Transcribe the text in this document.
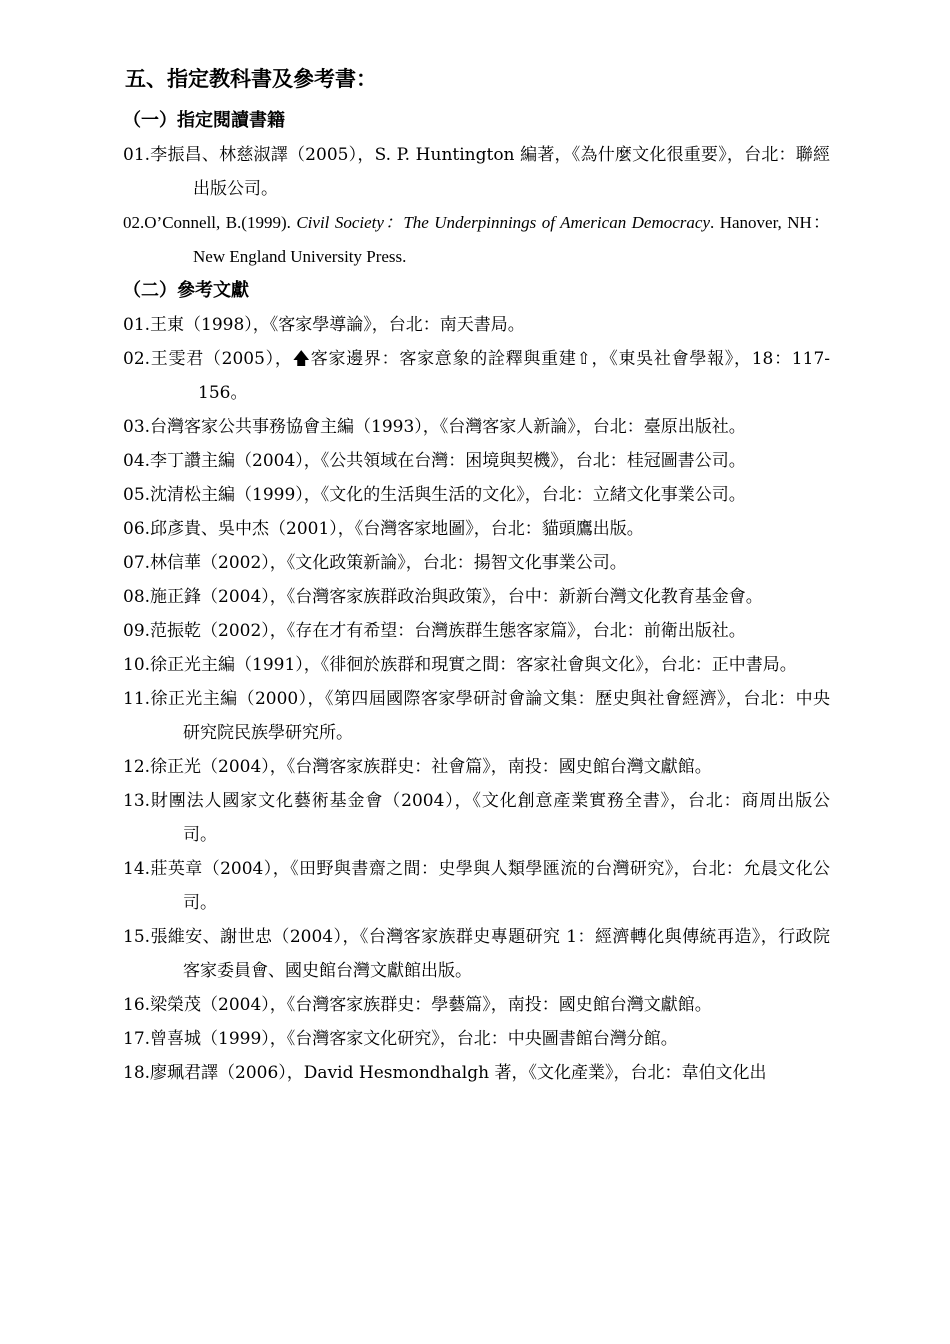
五、指定教科書及參考書：
（一）指定閱讀書籍
01.李振昌、林慈淑譯（2005），S. P. Huntington 編著，《為什麼文化很重要》，台北：聯經出版公司。
02.O’Connell, B.(1999). Civil Society：The Underpinnings of American Democracy. Hanover, NH：New England University Press.
（二）參考文獻
01.王東（1998），《客家學導論》，台北：南天書局。
02.王雯君（2005），🡅客家邊界：客家意象的詮釋與重建⇧，《東吳社會學報》，18：117-156。
03.台灣客家公共事務協會主編（1993），《台灣客家人新論》，台北：臺原出版社。
04.李丁讚主編（2004），《公共領域在台灣：困境與契機》，台北：桂冠圖書公司。
05.沈清松主編（1999），《文化的生活與生活的文化》，台北：立緒文化事業公司。
06.邱彥貴、吳中杰（2001），《台灣客家地圖》，台北：貓頭鷹出版。
07.林信華（2002），《文化政策新論》，台北：揚智文化事業公司。
08.施正鋒（2004），《台灣客家族群政治與政策》，台中：新新台灣文化教育基金會。
09.范振乾（2002），《存在才有希望：台灣族群生態客家篇》，台北：前衛出版社。
10.徐正光主編（1991），《徘徊於族群和現實之間：客家社會與文化》，台北：正中書局。
11.徐正光主編（2000），《第四屆國際客家學研討會論文集：歷史與社會經濟》，台北：中央研究院民族學研究所。
12.徐正光（2004），《台灣客家族群史：社會篇》，南投：國史館台灣文獻館。
13.財團法人國家文化藝術基金會（2004），《文化創意產業實務全書》，台北：商周出版公司。
14.莊英章（2004），《田野與書齋之間：史學與人類學匯流的台灣研究》，台北：允晨文化公司。
15.張維安、謝世忠（2004），《台灣客家族群史專題研究 1：經濟轉化與傳統再造》，行政院客家委員會、國史館台灣文獻館出版。
16.梁榮茂（2004），《台灣客家族群史：學藝篇》，南投：國史館台灣文獻館。
17.曾喜城（1999），《台灣客家文化研究》，台北：中央圖書館台灣分館。
18.廖珮君譯（2006），David Hesmondhalgh 著，《文化產業》，台北：韋伯文化出
